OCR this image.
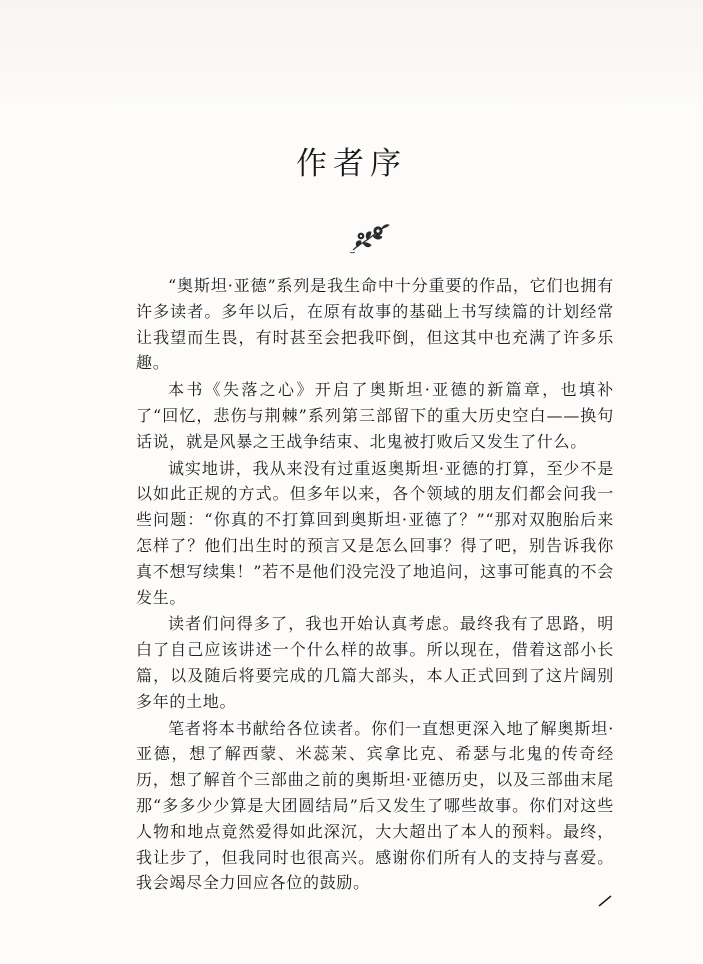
作者序

“奥斯坦·亚德”系列是我生命中十分重要的作品，它们也拥有许多读者。多年以后，在原有故事的基础上书写续篇的计划经常让我望而生畏，有时甚至会把我吓倒，但这其中也充满了许多乐趣。

本书《失落之心》开启了奥斯坦·亚德的新篇章，也填补了“回忆，悲伤与荆棘”系列第三部留下的重大历史空白——换句话说，就是风暴之王战争结束、北鬼被打败后又发生了什么。

诚实地讲，我从来没有过重返奥斯坦·亚德的打算，至少不是以如此正规的方式。但多年以来，各个领域的朋友们都会问我一些问题：“你真的不打算回到奥斯坦·亚德了？”“那对双胞胎后来怎样了？他们出生时的预言又是怎么回事？得了吧，别告诉我你真不想写续集！”若不是他们没完没了地追问，这事可能真的不会发生。

读者们问得多了，我也开始认真考虑。最终我有了思路，明白了自己应该讲述一个什么样的故事。所以现在，借着这部小长篇，以及随后将要完成的几篇大部头，本人正式回到了这片阔别多年的土地。

笔者将本书献给各位读者。你们一直想更深入地了解奥斯坦·亚德，想了解西蒙、米蕊茉、宾拿比克、希瑟与北鬼的传奇经历，想了解首个三部曲之前的奥斯坦·亚德历史，以及三部曲末尾那“多多少少算是大团圆结局”后又发生了哪些故事。你们对这些人物和地点竟然爱得如此深沉，大大超出了本人的预料。最终，我让步了，但我同时也很高兴。感谢你们所有人的支持与喜爱。我会竭尽全力回应各位的鼓励。
